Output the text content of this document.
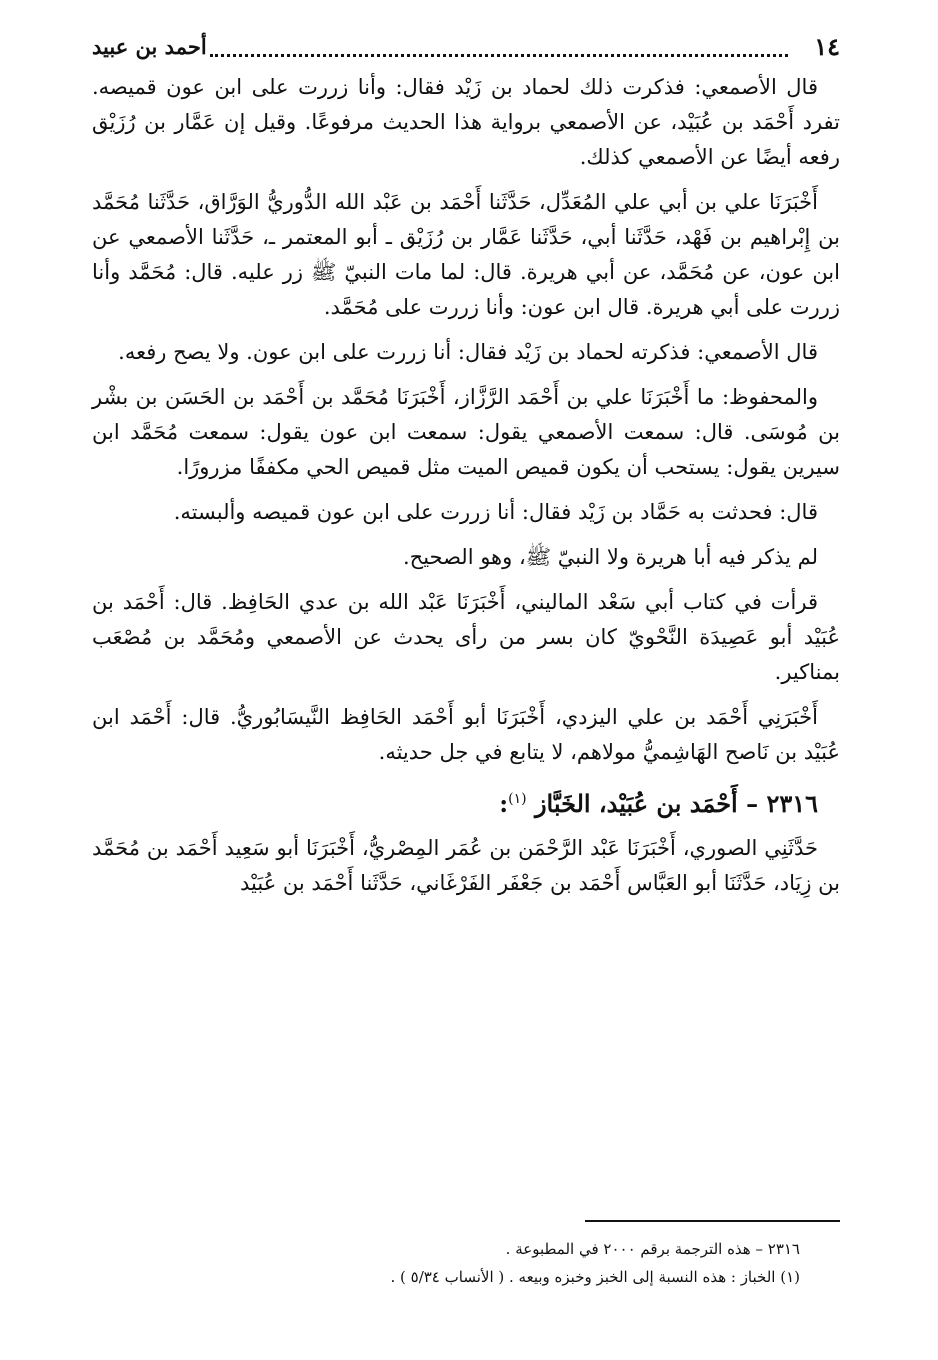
١٤
أحمد بن عبيد

قال الأصمعي: فذكرت ذلك لحماد بن زَيْد فقال: وأنا زررت على ابن عون قميصه. تفرد أَحْمَد بن عُبَيْد، عن الأصمعي برواية هذا الحديث مرفوعًا. وقيل إن عَمَّار بن رُزَيْق رفعه أيضًا عن الأصمعي كذلك.

أَخْبَرَنَا علي بن أبي علي المُعَدِّل، حَدَّثَنا أَحْمَد بن عَبْد الله الدُّوريُّ الوَرَّاق، حَدَّثَنا مُحَمَّد بن إِبْراهيم بن فَهْد، حَدَّثَنا أبي، حَدَّثَنا عَمَّار بن رُزَيْق ـ أبو المعتمر ـ، حَدَّثَنا الأصمعي عن ابن عون، عن مُحَمَّد، عن أبي هريرة. قال: لما مات النبيّ ﷺ زر عليه. قال: مُحَمَّد وأنا زررت على أبي هريرة. قال ابن عون: وأنا زررت على مُحَمَّد.

قال الأصمعي: فذكرته لحماد بن زَيْد فقال: أنا زررت على ابن عون. ولا يصح رفعه.

والمحفوظ: ما أَخْبَرَنَا علي بن أَحْمَد الرَّزَّاز، أَخْبَرَنَا مُحَمَّد بن أَحْمَد بن الحَسَن بن بشْر بن مُوسَى. قال: سمعت الأصمعي يقول: سمعت ابن عون يقول: سمعت مُحَمَّد ابن سيرين يقول: يستحب أن يكون قميص الميت مثل قميص الحي مكففًا مزرورًا.

قال: فحدثت به حَمَّاد بن زَيْد فقال: أنا زررت على ابن عون قميصه وألبسته.

لم يذكر فيه أبا هريرة ولا النبيّ ﷺ، وهو الصحيح.

قرأت في كتاب أبي سَعْد الماليني، أَخْبَرَنَا عَبْد الله بن عدي الحَافِظ. قال: أَحْمَد بن عُبَيْد أبو عَصِيدَة النَّحْويّ كان بسر من رأى يحدث عن الأصمعي ومُحَمَّد بن مُصْعَب بمناكير.

أَخْبَرَنِي أَحْمَد بن علي اليزدي، أَخْبَرَنَا أبو أَحْمَد الحَافِظ النَّيسَابُوريُّ. قال: أَحْمَد ابن عُبَيْد بن نَاصح الهَاشِميُّ مولاهم، لا يتابع في جل حديثه.

٢٣١٦ – أَحْمَد بن عُبَيْد، الخَبَّاز $^{(١)}$:

حَدَّثَنِي الصوري، أَخْبَرَنَا عَبْد الرَّحْمَن بن عُمَر المِصْريُّ، أَخْبَرَنَا أبو سَعِيد أَحْمَد بن مُحَمَّد بن زِيَاد، حَدَّثَنَا أبو العَبَّاس أَحْمَد بن جَعْفَر الفَرْغَاني، حَدَّثَنا أَحْمَد بن عُبَيْد

٢٣١٦ – هذه الترجمة برقم ٢٠٠٠ في المطبوعة .

(١) الخباز : هذه النسبة إلى الخبز وخبزه وبيعه . ( الأنساب ٥/٣٤ ) .
